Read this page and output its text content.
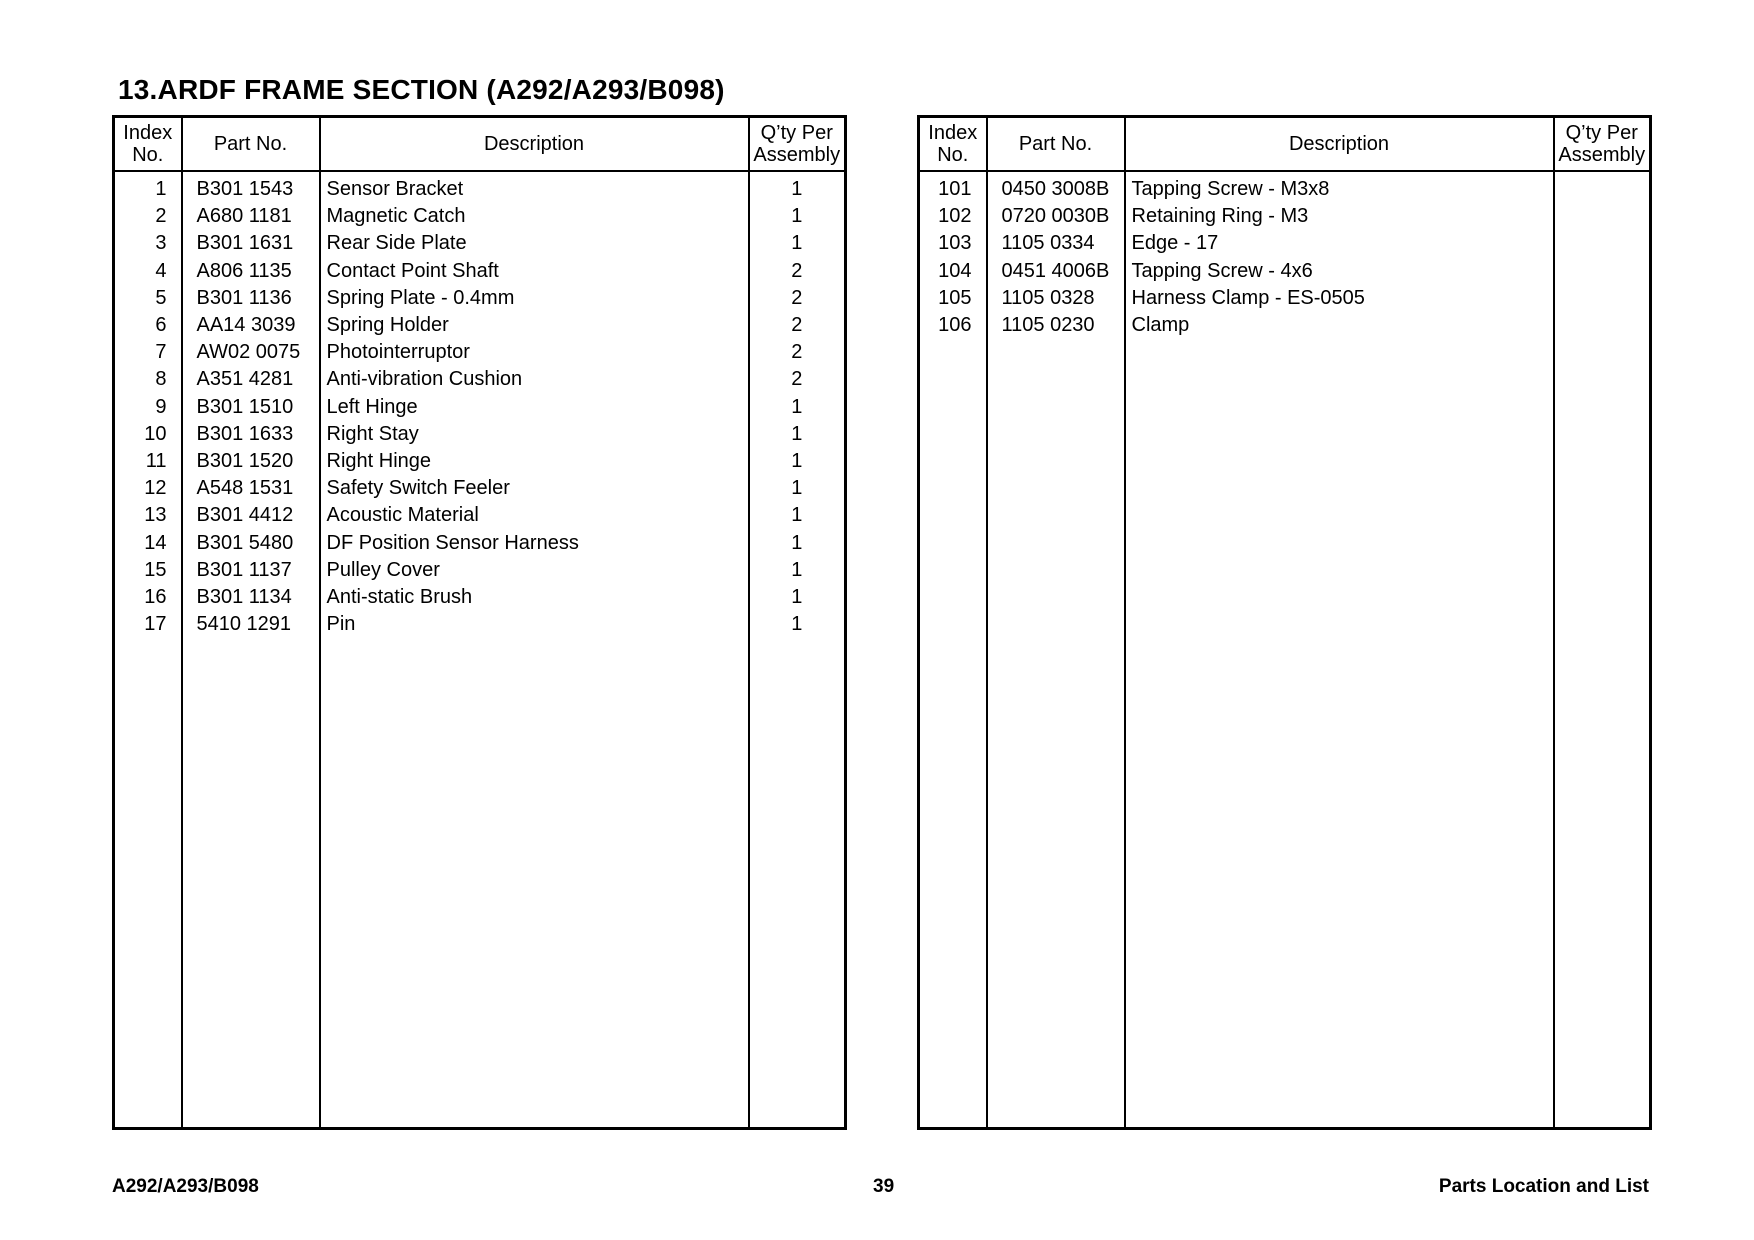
13.ARDF FRAME SECTION (A292/A293/B098)
Index
No.	Part No.	Description	Q’ty Per
Assembly
1	B301 1543	Sensor Bracket	1
2	A680 1181	Magnetic Catch	1
3	B301 1631	Rear Side Plate	1
4	A806 1135	Contact Point Shaft	2
5	B301 1136	Spring Plate - 0.4mm	2
6	AA14 3039	Spring Holder	2
7	AW02 0075	Photointerruptor	2
8	A351 4281	Anti-vibration Cushion	2
9	B301 1510	Left Hinge	1
10	B301 1633	Right Stay	1
11	B301 1520	Right Hinge	1
12	A548 1531	Safety Switch Feeler	1
13	B301 4412	Acoustic Material	1
14	B301 5480	DF Position Sensor Harness	1
15	B301 1137	Pulley Cover	1
16	B301 1134	Anti-static Brush	1
17	5410 1291	Pin	1

Index
No.	Part No.	Description	Q’ty Per
Assembly
101	0450 3008B	Tapping Screw - M3x8	
102	0720 0030B	Retaining Ring - M3	
103	1105 0334	Edge - 17	
104	0451 4006B	Tapping Screw - 4x6	
105	1105 0328	Harness Clamp - ES-0505	
106	1105 0230	Clamp	

A292/A293/B098	39	Parts Location and List
